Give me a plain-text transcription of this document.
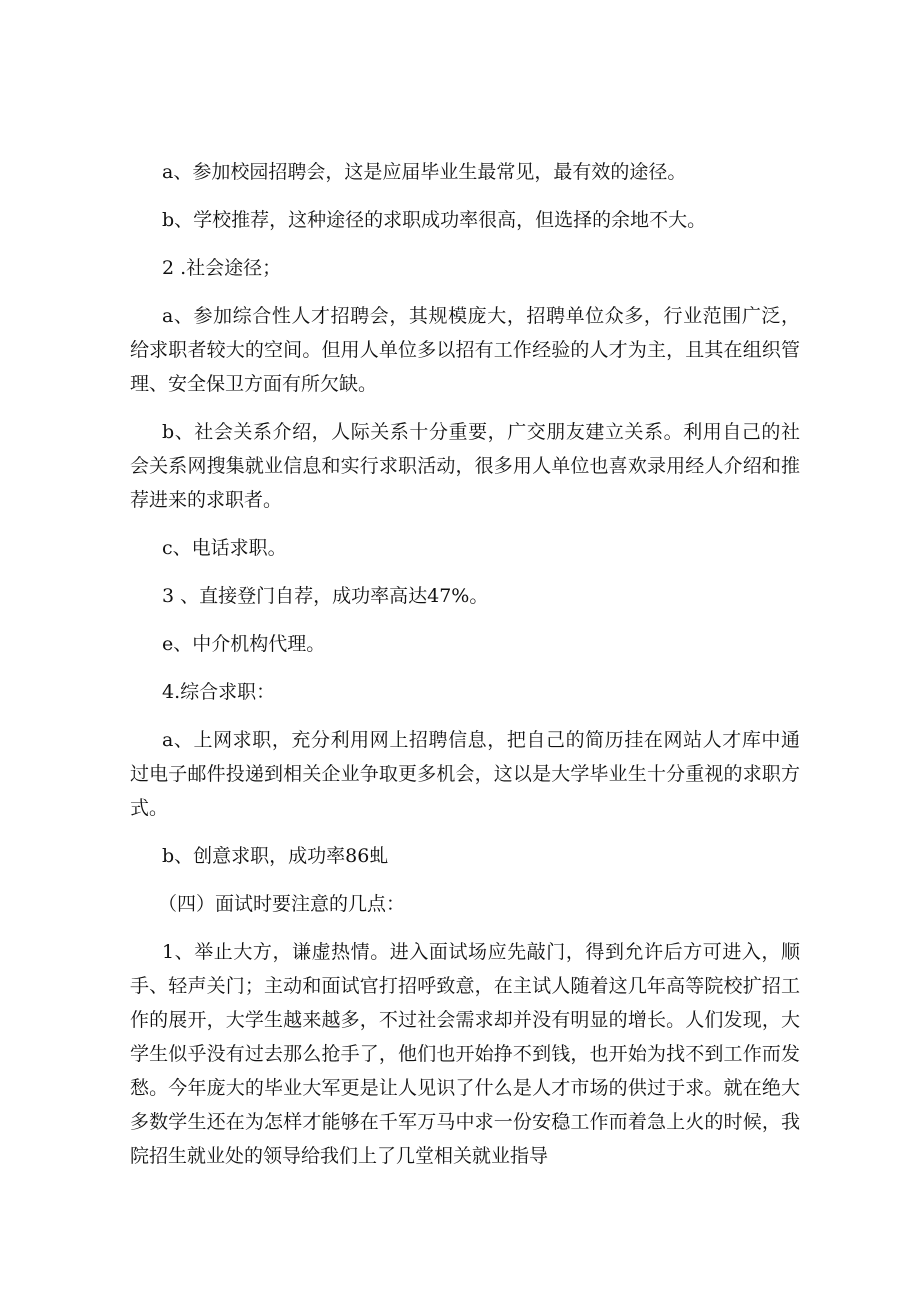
a、参加校园招聘会，这是应届毕业生最常见，最有效的途径。

b、学校推荐，这种途径的求职成功率很高，但选择的余地不大。

2 .社会途径；

a、参加综合性人才招聘会，其规模庞大，招聘单位众多，行业范围广泛，给求职者较大的空间。但用人单位多以招有工作经验的人才为主，且其在组织管理、安全保卫方面有所欠缺。

b、社会关系介绍，人际关系十分重要，广交朋友建立关系。利用自己的社会关系网搜集就业信息和实行求职活动，很多用人单位也喜欢录用经人介绍和推荐进来的求职者。

c、电话求职。

3 、直接登门自荐，成功率高达47%。

e、中介机构代理。

4.综合求职：

a、上网求职，充分利用网上招聘信息，把自己的简历挂在网站人才库中通过电子邮件投递到相关企业争取更多机会，这以是大学毕业生十分重视的求职方式。

b、创意求职，成功率86虬

（四）面试时要注意的几点：

1、举止大方，谦虚热情。进入面试场应先敲门，得到允许后方可进入，顺手、轻声关门；主动和面试官打招呼致意，在主试人随着这几年高等院校扩招工作的展开，大学生越来越多，不过社会需求却并没有明显的增长。人们发现，大学生似乎没有过去那么抢手了，他们也开始挣不到钱，也开始为找不到工作而发愁。今年庞大的毕业大军更是让人见识了什么是人才市场的供过于求。就在绝大多数学生还在为怎样才能够在千军万马中求一份安稳工作而着急上火的时候，我院招生就业处的领导给我们上了几堂相关就业指导
